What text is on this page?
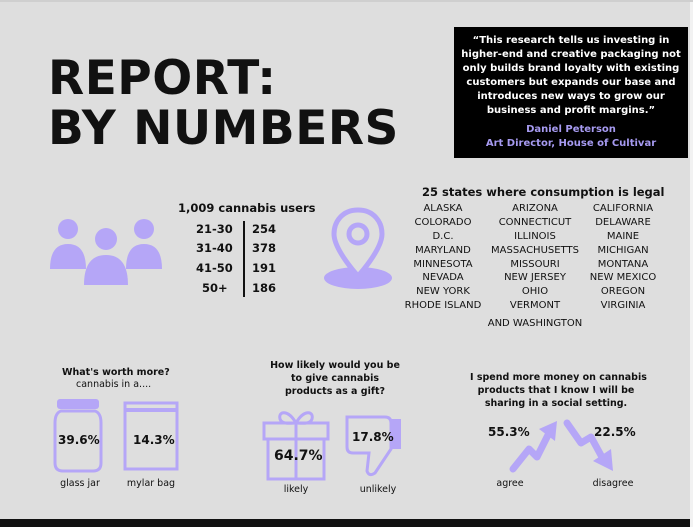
REPORT:
BY NUMBERS
“This research tells us investing in higher-end and creative packaging not only builds brand loyalty with existing customers but expands our base and introduces new ways to grow our business and profit margins.”
Daniel Peterson
Art Director, House of Cultivar
1,009 cannabis users
21-30 254
31-40 378
41-50 191
50+	186
25 states where consumption is legal
ALASKA
COLORADO
D.C.
MARYLAND
MINNESOTA
NEVADA
NEW YORK
RHODE ISLAND
ARIZONA
CONNECTICUT
ILLINOIS
MASSACHUSETTS
MISSOURI
NEW JERSEY
OHIO
VERMONT
CALIFORNIA
DELAWARE
MAINE
MICHIGAN
MONTANA
NEW MEXICO
OREGON
VIRGINIA
AND WASHINGTON
What's worth more?
cannabis in a....
39.6%	14.3%
glass jar	mylar bag
How likely would you be
to give cannabis
products as a gift?
64.7%
17.8%
likely	unlikely
I spend more money on cannabis
products that I know I will be
sharing in a social setting.
55.3%	22.5%
agree	disagree
